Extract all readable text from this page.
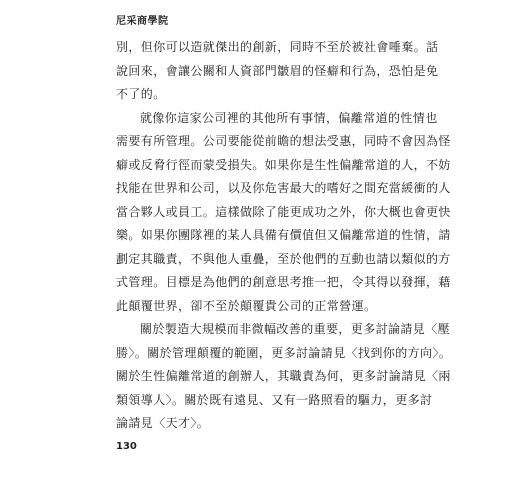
尼采商學院
別，但你可以造就傑出的創新，同時不至於被社會唾棄。話
說回來，會讓公關和人資部門皺眉的怪癖和行為，恐怕是免
不了的。
就像你這家公司裡的其他所有事情，偏離常道的性情也
需要有所管理。公司要能從前瞻的想法受惠，同時不會因為怪
癖或反脅行徑而蒙受損失。如果你是生性偏離常道的人，不妨
找能在世界和公司，以及你危害最大的嗜好之間充當緩衝的人
當合夥人或員工。這樣做除了能更成功之外，你大概也會更快
樂。如果你團隊裡的某人具備有價值但又偏離常道的性情，請
劃定其職責，不與他人重疊，至於他們的互動也請以類似的方
式管理。目標是為他們的創意思考推一把，令其得以發揮，藉
此顛覆世界，卻不至於顛覆貴公司的正常營運。
關於製造大規模而非微幅改善的重要，更多討論請見〈壓
勝〉。關於管理顛覆的範圍，更多討論請見〈找到你的方向〉。
關於生性偏離常道的創辦人，其職責為何，更多討論請見〈兩
類領導人〉。關於既有遠見、又有一路照看的驅力，更多討
論請見〈天才〉。
130
